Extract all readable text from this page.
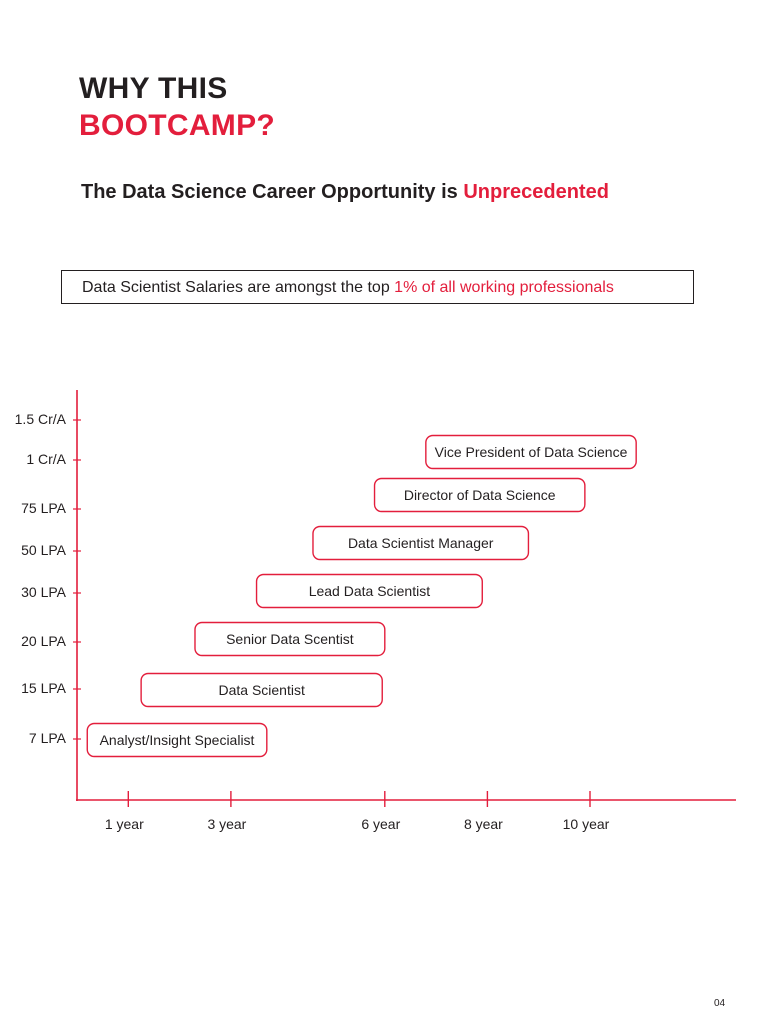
WHY THIS
BOOTCAMP?
The Data Science Career Opportunity is Unprecedented
Data Scientist Salaries are amongst the top 1% of all working professionals
7 LPA
15 LPA
20 LPA
30 LPA
50 LPA
75 LPA
1 Cr/A
1.5 Cr/A
1 year	3 year	6 year	8 year	10 year
Analyst/Insight Specialist
Data Scientist
Senior Data Scentist
Lead Data Scientist
Data Scientist Manager
Director of Data Science
Vice President of Data Science
04
